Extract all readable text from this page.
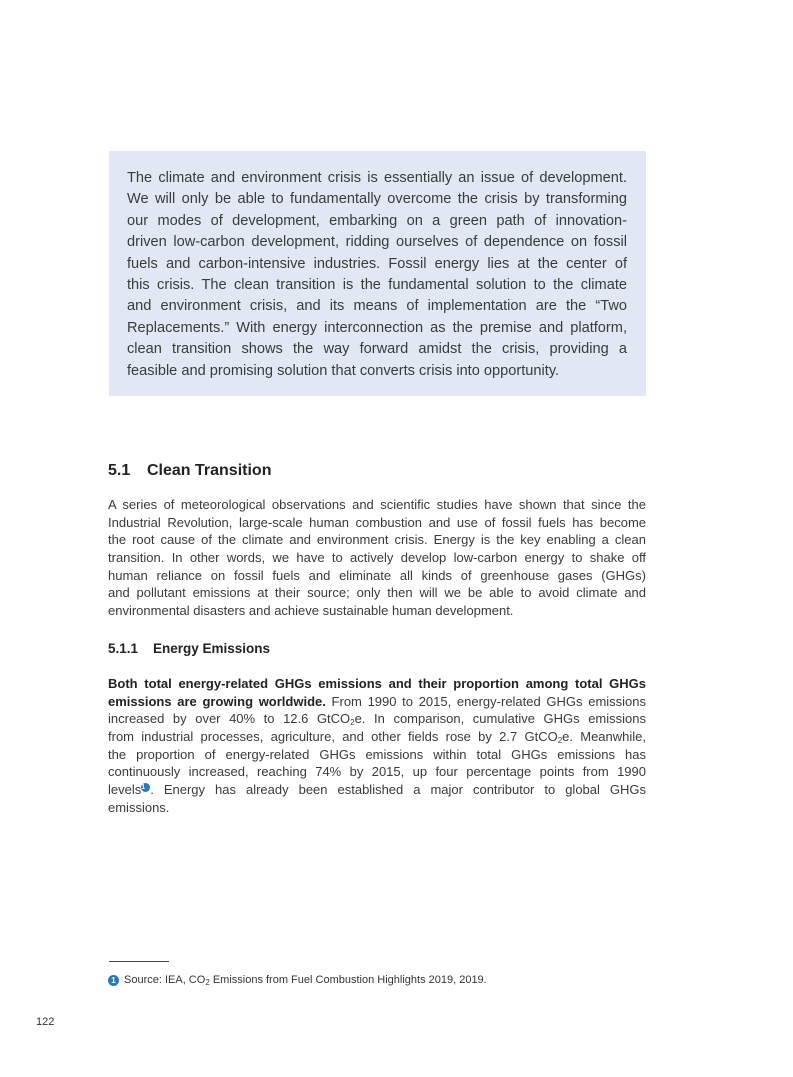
The climate and environment crisis is essentially an issue of development.
We will only be able to fundamentally overcome the crisis by transforming
our modes of development, embarking on a green path of innovation-
driven low-carbon development, ridding ourselves of dependence on fossil
fuels and carbon-intensive industries. Fossil energy lies at the center of
this crisis. The clean transition is the fundamental solution to the climate
and environment crisis, and its means of implementation are the “Two
Replacements.” With energy interconnection as the premise and platform,
clean transition shows the way forward amidst the crisis, providing a
feasible and promising solution that converts crisis into opportunity.
5.1 Clean Transition
A series of meteorological observations and scientific studies have shown that since the
Industrial Revolution, large-scale human combustion and use of fossil fuels has become
the root cause of the climate and environment crisis. Energy is the key enabling a clean
transition. In other words, we have to actively develop low-carbon energy to shake off
human reliance on fossil fuels and eliminate all kinds of greenhouse gases (GHGs)
and pollutant emissions at their source; only then will we be able to avoid climate and
environmental disasters and achieve sustainable human development.
5.1.1 Energy Emissions
Both total energy-related GHGs emissions and their proportion among total GHGs
emissions are growing worldwide. From 1990 to 2015, energy-related GHGs emissions
increased by over 40% to 12.6 GtCO$_2$e. In comparison, cumulative GHGs emissions
from industrial processes, agriculture, and other fields rose by 2.7 GtCO$_2$e. Meanwhile,
the proportion of energy-related GHGs emissions within total GHGs emissions has
continuously increased, reaching 74% by 2015, up four percentage points from 1990
levels1 . Energy has already been established a major contributor to global GHGs
emissions.
1 Source: IEA, $CO_2$ Emissions from Fuel Combustion Highlights 2019, 2019.
122
